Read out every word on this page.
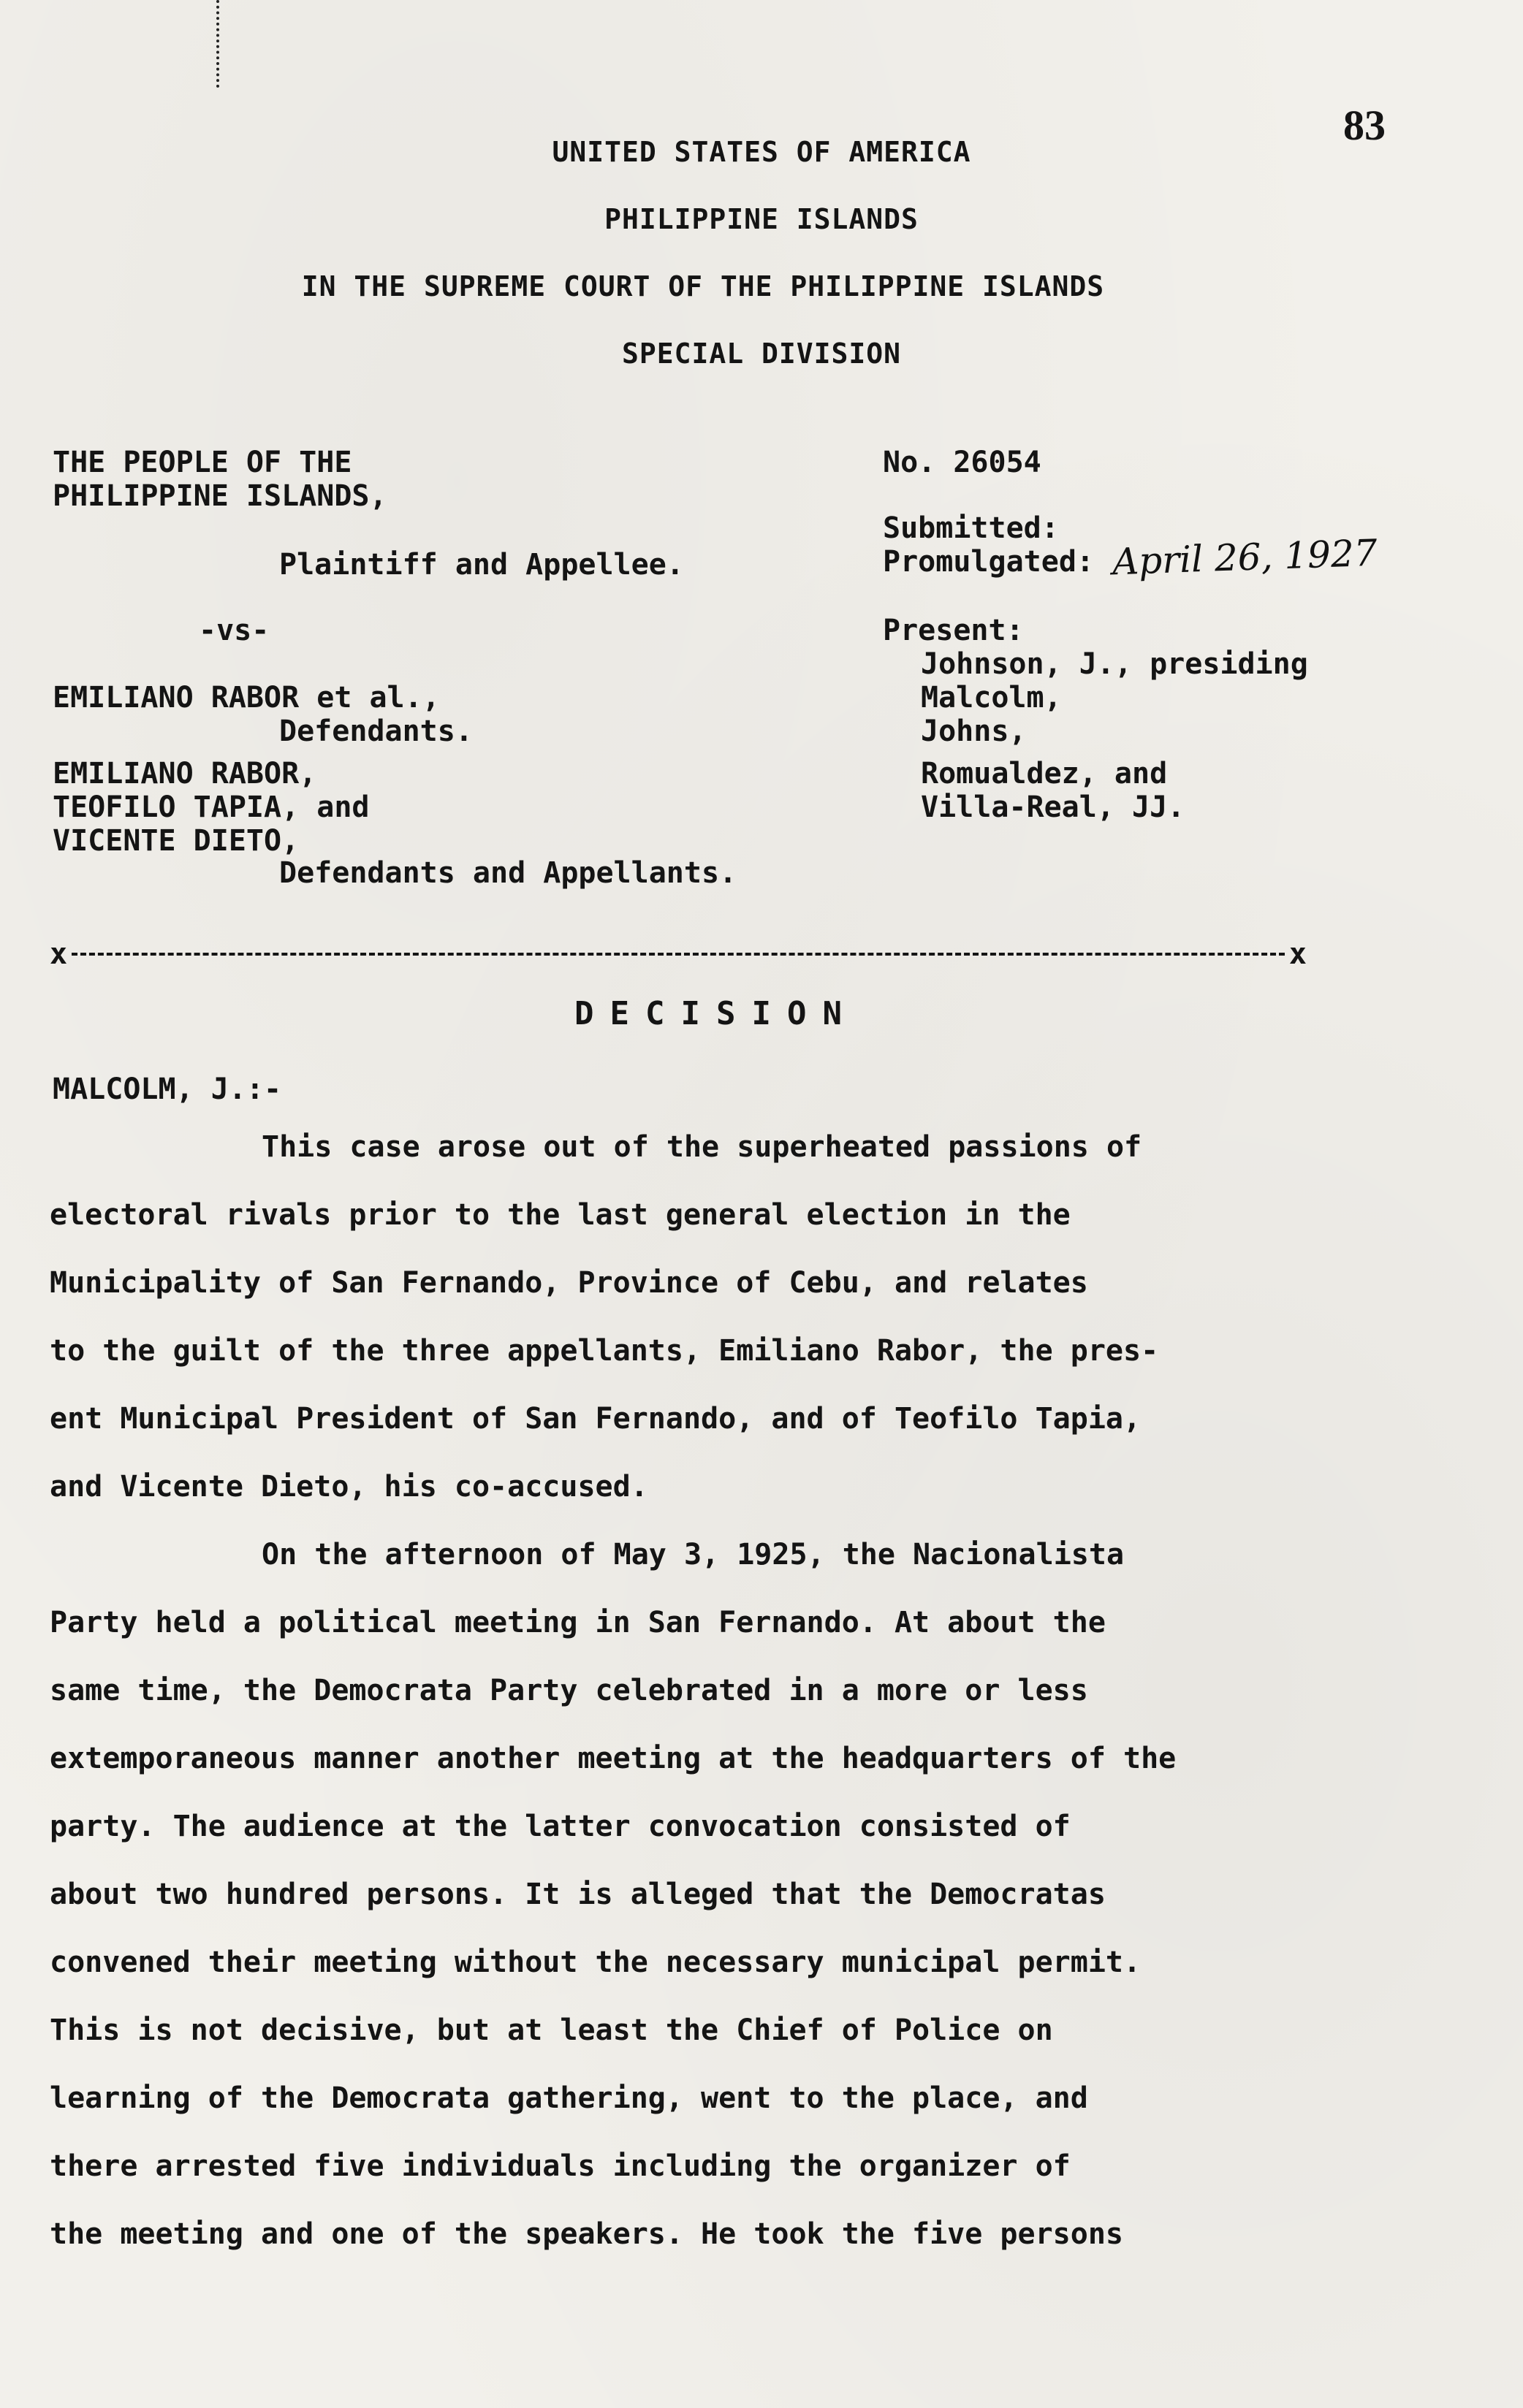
83
UNITED STATES OF AMERICA
PHILIPPINE ISLANDS
IN THE SUPREME COURT OF THE PHILIPPINE ISLANDS
SPECIAL DIVISION
THE PEOPLE OF THE
PHILIPPINE ISLANDS,
Plaintiff and Appellee.
-vs-
EMILIANO RABOR et al.,
Defendants.
EMILIANO RABOR,
TEOFILO TAPIA, and
VICENTE DIETO,
Defendants and Appellants.
No. 26054
Submitted:
Promulgated: April 26, 1927
Present:
Johnson, J., presiding
Malcolm,
Johns,
Romualdez, and
Villa-Real, JJ.
x	x
DECISION
MALCOLM, J.:-

This case arose out of the superheated passions of

electoral rivals prior to the last general election in the

Municipality of San Fernando, Province of Cebu, and relates

to the guilt of the three appellants, Emiliano Rabor, the pres-

ent Municipal President of San Fernando, and of Teofilo Tapia,

and Vicente Dieto, his co-accused.

On the afternoon of May 3, 1925, the Nacionalista

Party held a political meeting in San Fernando. At about the

same time, the Democrata Party celebrated in a more or less

extemporaneous manner another meeting at the headquarters of the

party. The audience at the latter convocation consisted of

about two hundred persons. It is alleged that the Democratas

convened their meeting without the necessary municipal permit.

This is not decisive, but at least the Chief of Police on

learning of the Democrata gathering, went to the place, and

there arrested five individuals including the organizer of

the meeting and one of the speakers. He took the five persons
